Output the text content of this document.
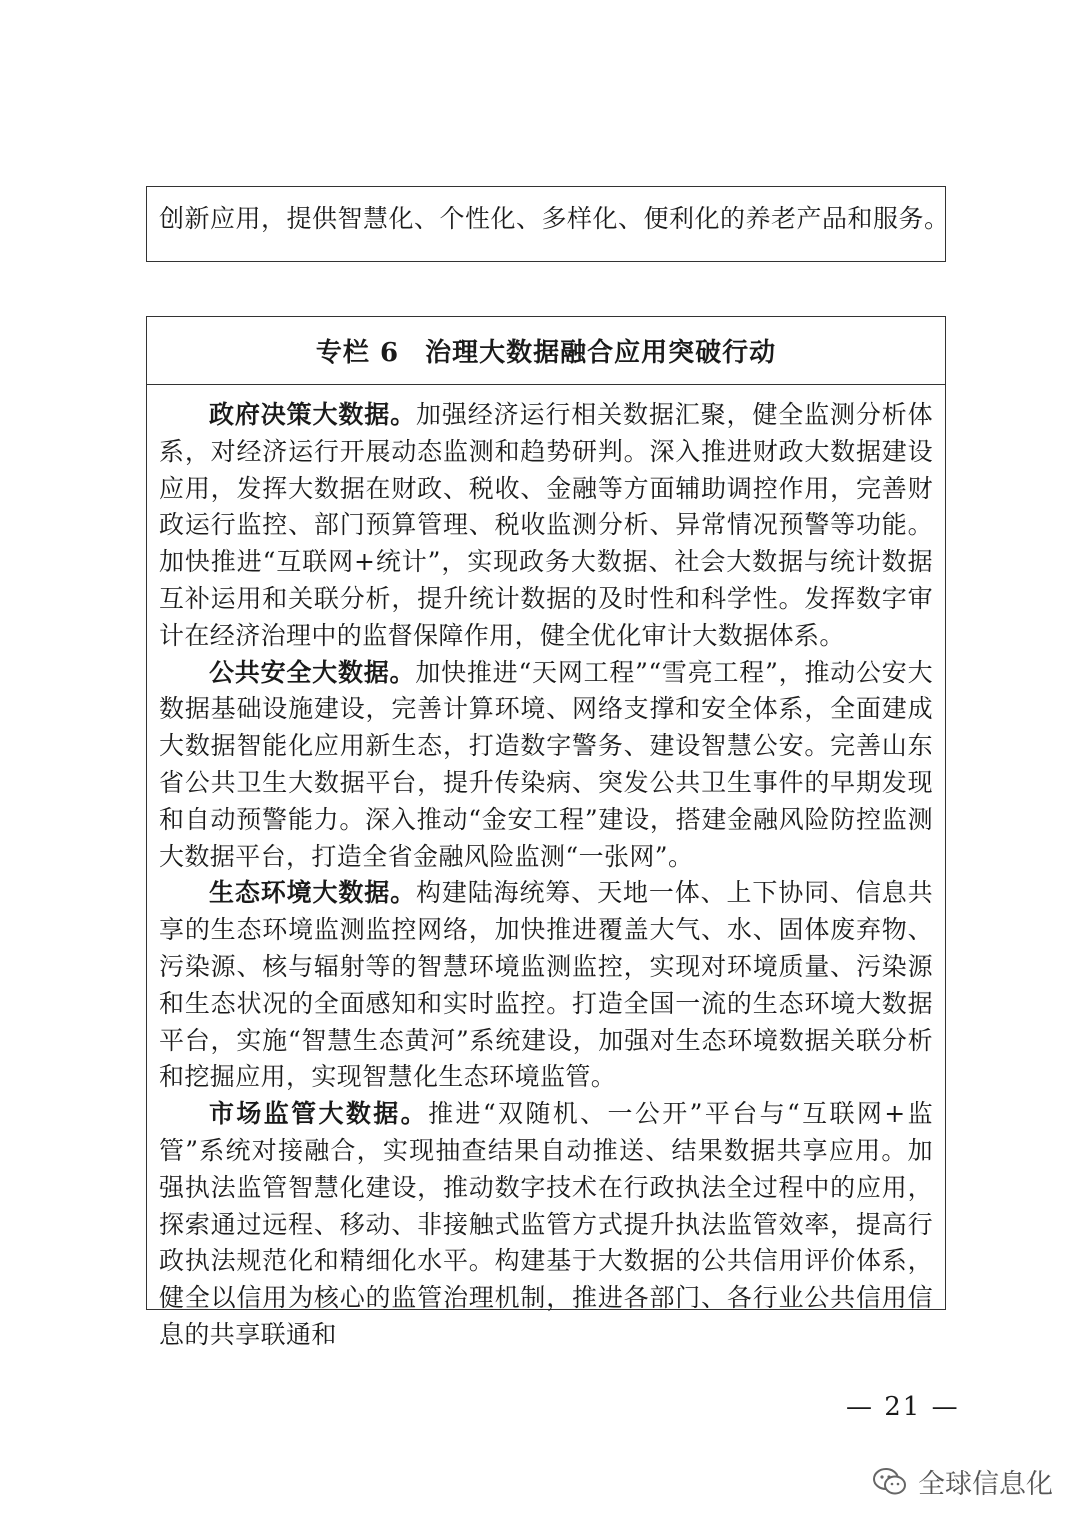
创新应用，提供智慧化、个性化、多样化、便利化的养老产品和服务。
专栏 6 治理大数据融合应用突破行动

政府决策大数据。加强经济运行相关数据汇聚，健全监测分析体系，对经济运行开展动态监测和趋势研判。深入推进财政大数据建设应用，发挥大数据在财政、税收、金融等方面辅助调控作用，完善财政运行监控、部门预算管理、税收监测分析、异常情况预警等功能。加快推进“互联网+统计”，实现政务大数据、社会大数据与统计数据互补运用和关联分析，提升统计数据的及时性和科学性。发挥数字审计在经济治理中的监督保障作用，健全优化审计大数据体系。

公共安全大数据。加快推进“天网工程”“雪亮工程”，推动公安大数据基础设施建设，完善计算环境、网络支撑和安全体系，全面建成大数据智能化应用新生态，打造数字警务、建设智慧公安。完善山东省公共卫生大数据平台，提升传染病、突发公共卫生事件的早期发现和自动预警能力。深入推动“金安工程”建设，搭建金融风险防控监测大数据平台，打造全省金融风险监测“一张网”。

生态环境大数据。构建陆海统筹、天地一体、上下协同、信息共享的生态环境监测监控网络，加快推进覆盖大气、水、固体废弃物、污染源、核与辐射等的智慧环境监测监控，实现对环境质量、污染源和生态状况的全面感知和实时监控。打造全国一流的生态环境大数据平台，实施“智慧生态黄河”系统建设，加强对生态环境数据关联分析和挖掘应用，实现智慧化生态环境监管。

市场监管大数据。推进“双随机、一公开”平台与“互联网+监管”系统对接融合，实现抽查结果自动推送、结果数据共享应用。加强执法监管智慧化建设，推动数字技术在行政执法全过程中的应用，探索通过远程、移动、非接触式监管方式提升执法监管效率，提高行政执法规范化和精细化水平。构建基于大数据的公共信用评价体系，健全以信用为核心的监管治理机制，推进各部门、各行业公共信用信息的共享联通和

— 21 —
全球信息化
